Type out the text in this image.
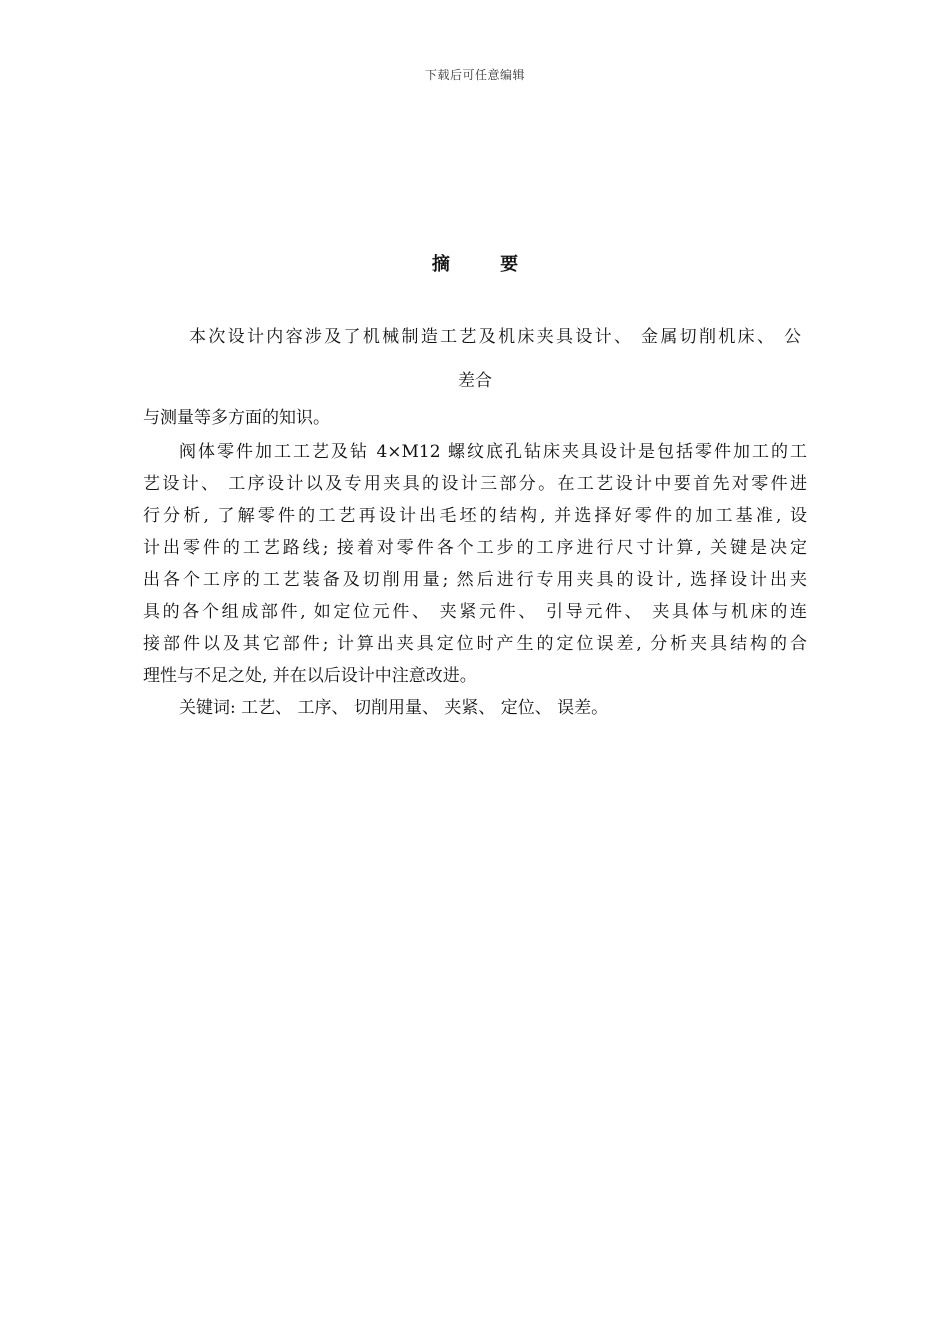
下载后可任意编辑
摘 要
本次设计内容涉及了机械制造工艺及机床夹具设计、 金属切削机床、 公
差合
与测量等多方面的知识。
阀体零件加工工艺及钻 4×M12 螺纹底孔钻床夹具设计是包括零件加工的工
艺设计、 工序设计以及专用夹具的设计三部分。在工艺设计中要首先对零件进
行分析, 了解零件的工艺再设计出毛坯的结构, 并选择好零件的加工基准, 设
计出零件的工艺路线; 接着对零件各个工步的工序进行尺寸计算, 关键是决定
出各个工序的工艺装备及切削用量; 然后进行专用夹具的设计, 选择设计出夹
具的各个组成部件, 如定位元件、 夹紧元件、 引导元件、 夹具体与机床的连
接部件以及其它部件; 计算出夹具定位时产生的定位误差, 分析夹具结构的合
理性与不足之处, 并在以后设计中注意改进。
关键词: 工艺、 工序、 切削用量、 夹紧、 定位、 误差。
